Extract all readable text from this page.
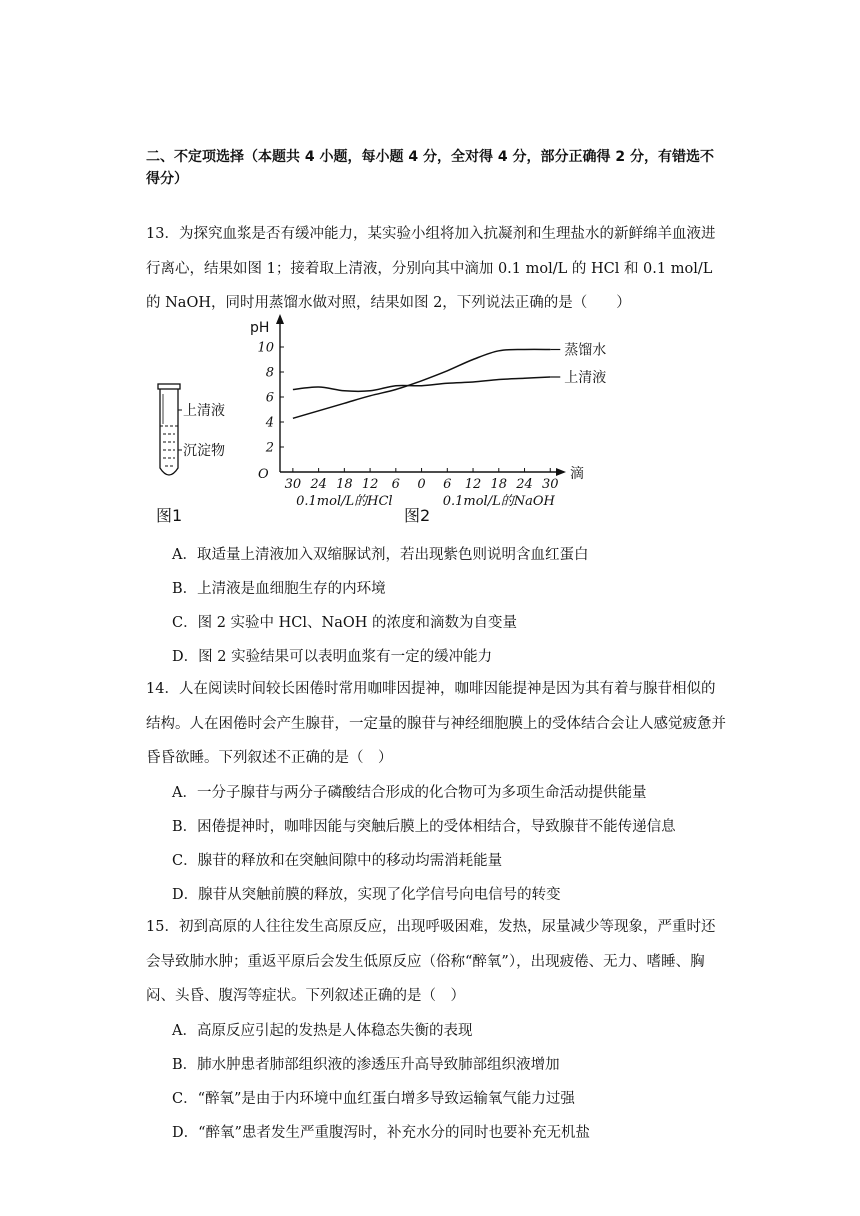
二、不定项选择（本题共 4 小题，每小题 4 分，全对得 4 分，部分正确得 2 分，有错选不得分）
13．为探究血浆是否有缓冲能力，某实验小组将加入抗凝剂和生理盐水的新鲜绵羊血液进行离心，结果如图 1；接着取上清液，分别向其中滴加 0.1 mol/L 的 HCl 和 0.1 mol/L 的 NaOH，同时用蒸馏水做对照，结果如图 2，下列说法正确的是（　　）
上清液
沉淀物
图1
pH
滴
O
2
4
6
8
10
30 24 18 12 6 0 6 12 18 24 30
蒸馏水
上清液
0.1mol/L的HCl	0.1mol/L的NaOH
图2
A．取适量上清液加入双缩脲试剂，若出现紫色则说明含血红蛋白
B．上清液是血细胞生存的内环境
C．图 2 实验中 HCl、NaOH 的浓度和滴数为自变量
D．图 2 实验结果可以表明血浆有一定的缓冲能力
14．人在阅读时间较长困倦时常用咖啡因提神，咖啡因能提神是因为其有着与腺苷相似的结构。人在困倦时会产生腺苷，一定量的腺苷与神经细胞膜上的受体结合会让人感觉疲惫并昏昏欲睡。下列叙述不正确的是（　）
A．一分子腺苷与两分子磷酸结合形成的化合物可为多项生命活动提供能量
B．困倦提神时，咖啡因能与突触后膜上的受体相结合，导致腺苷不能传递信息
C．腺苷的释放和在突触间隙中的移动均需消耗能量
D．腺苷从突触前膜的释放，实现了化学信号向电信号的转变
15．初到高原的人往往发生高原反应，出现呼吸困难，发热，尿量减少等现象，严重时还会导致肺水肿；重返平原后会发生低原反应（俗称“醉氧”），出现疲倦、无力、嗜睡、胸闷、头昏、腹泻等症状。下列叙述正确的是（　）
A．高原反应引起的发热是人体稳态失衡的表现
B．肺水肿患者肺部组织液的渗透压升高导致肺部组织液增加
C．“醉氧”是由于内环境中血红蛋白增多导致运输氧气能力过强
D．“醉氧”患者发生严重腹泻时，补充水分的同时也要补充无机盐
